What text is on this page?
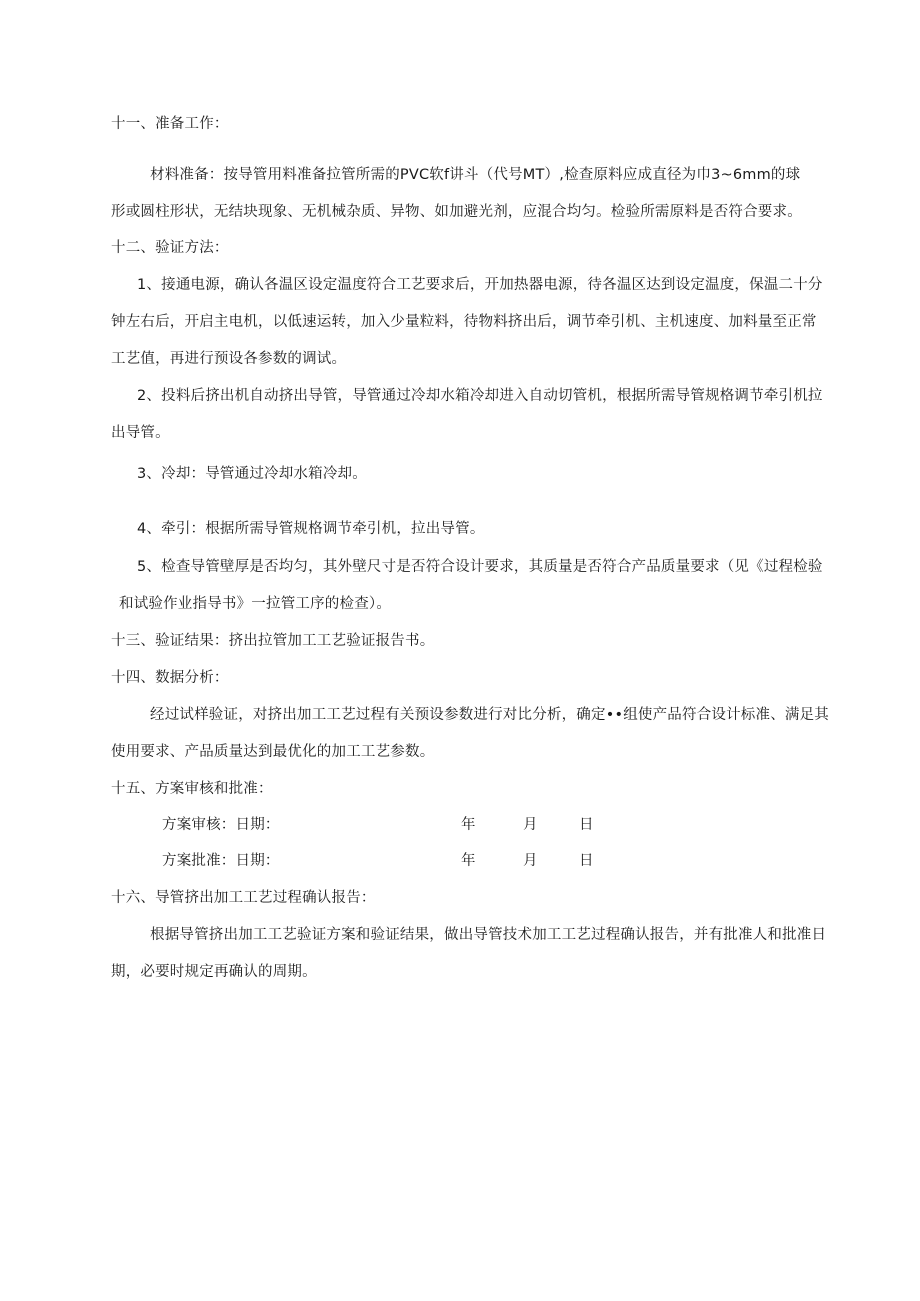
十一、准备工作：
材料准备：按导管用料准备拉管所需的PVC软f讲斗（代号MT）,检查原料应成直径为巾3~6mm的球
形或圆柱形状，无结块现象、无机械杂质、异物、如加避光剂，应混合均匀。检验所需原料是否符合要求。
十二、验证方法：
1、接通电源，确认各温区设定温度符合工艺要求后，开加热器电源，待各温区达到设定温度，保温二十分
钟左右后，开启主电机，以低速运转，加入少量粒料，待物料挤出后，调节牵引机、主机速度、加料量至正常
工艺值，再进行预设各参数的调试。
2、投料后挤出机自动挤出导管，导管通过冷却水箱冷却进入自动切管机，根据所需导管规格调节牵引机拉
出导管。
3、冷却：导管通过冷却水箱冷却。
4、牵引：根据所需导管规格调节牵引机，拉出导管。
5、检查导管壁厚是否均匀，其外壁尺寸是否符合设计要求，其质量是否符合产品质量要求（见《过程检验
和试验作业指导书》一拉管工序的检查）。
十三、验证结果：挤出拉管加工工艺验证报告书。
十四、数据分析：
经过试样验证，对挤出加工工艺过程有关预设参数进行对比分析，确定••组使产品符合设计标准、满足其
使用要求、产品质量达到最优化的加工工艺参数。
十五、方案审核和批准：
方案审核：日期：	年	月	日
方案批准：日期：	年	月	日
十六、导管挤出加工工艺过程确认报告：
根据导管挤出加工工艺验证方案和验证结果，做出导管技术加工工艺过程确认报告，并有批准人和批准日
期，必要时规定再确认的周期。
